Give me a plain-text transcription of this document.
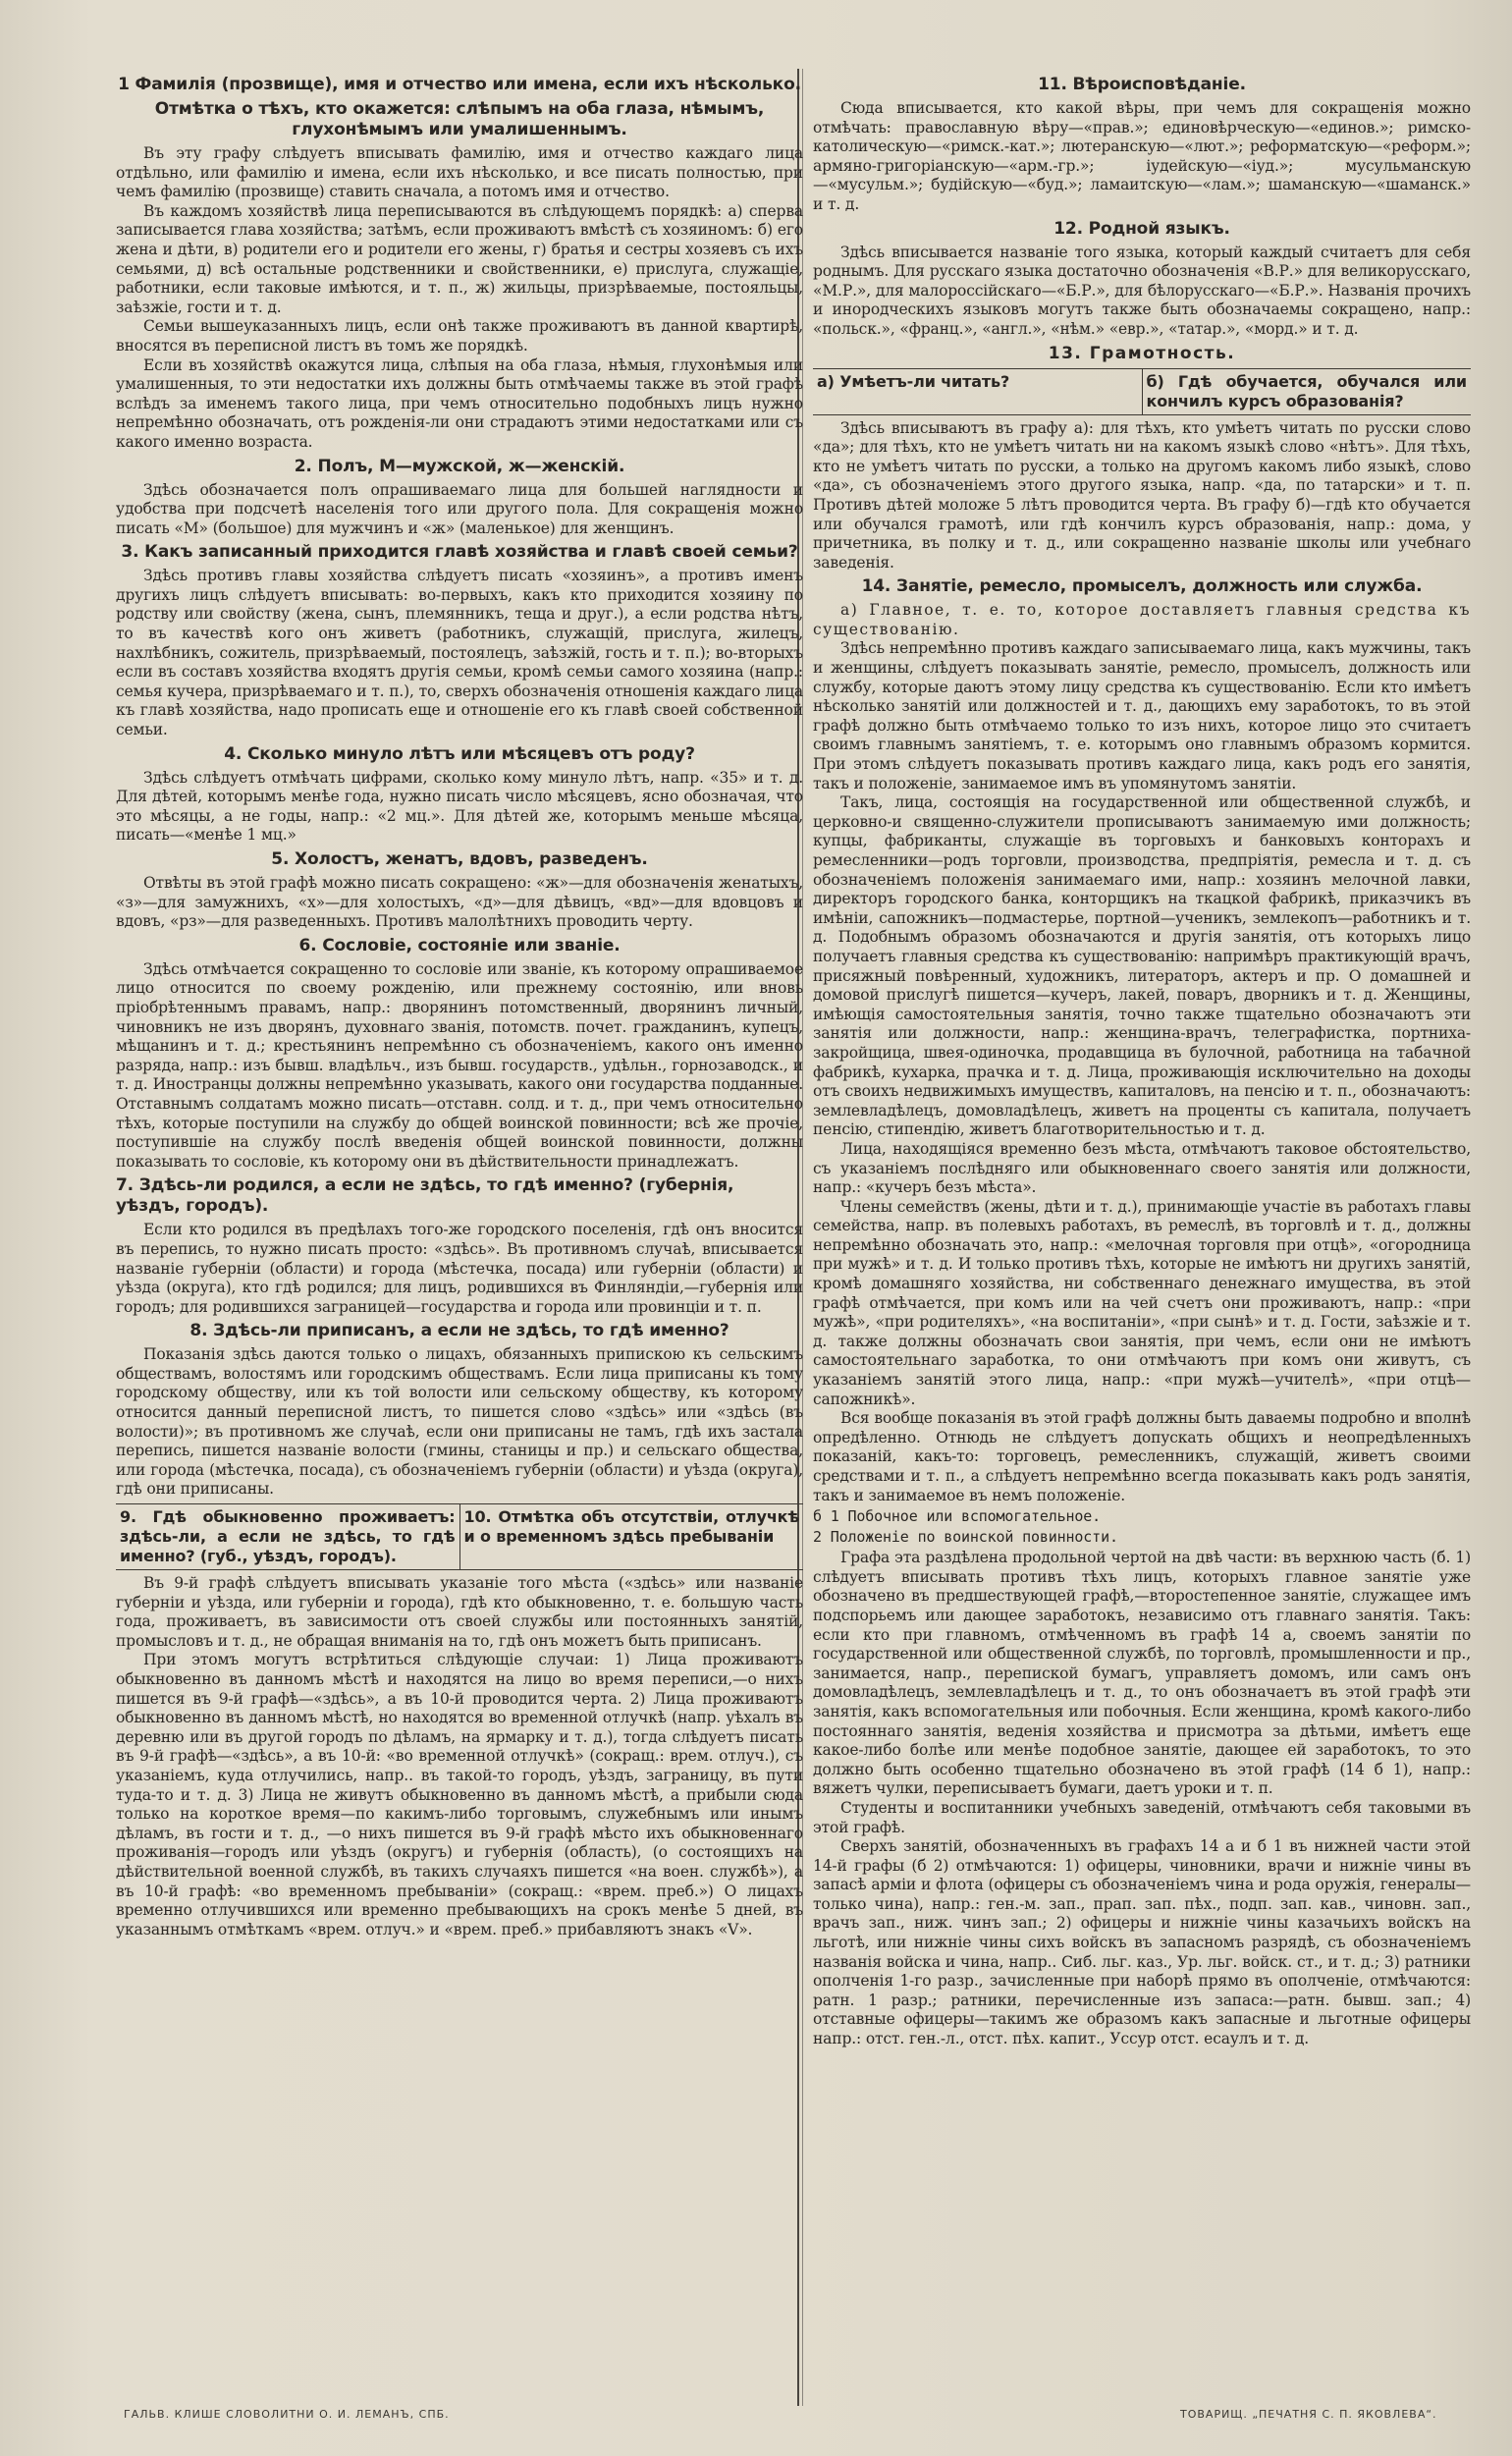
1 Фамилія (прозвище), имя и отчество или имена, если ихъ нѣсколько.
Отмѣтка о тѣхъ, кто окажется: слѣпымъ на оба глаза, нѣмымъ, глухонѣмымъ или умалишеннымъ.

Въ эту графу слѣдуетъ вписывать фамилію, имя и отчество каждаго лица отдѣльно, или фамилію и имена, если ихъ нѣсколько, и все писать полностью, при чемъ фамилію (прозвище) ставить сначала, а потомъ имя и отчество.

Въ каждомъ хозяйствѣ лица переписываются въ слѣдующемъ порядкѣ: а) сперва записывается глава хозяйства; затѣмъ, если проживаютъ вмѣстѣ съ хозяиномъ: б) его жена и дѣти, в) родители его и родители его жены, г) братья и сестры хозяевъ съ ихъ семьями, д) всѣ остальные родственники и свойственники, е) прислуга, служащіе, работники, если таковые имѣются, и т. п., ж) жильцы, призрѣваемые, постояльцы, заѣзжіе, гости и т. д.

Семьи вышеуказанныхъ лицъ, если онѣ также проживаютъ въ данной квартирѣ, вносятся въ переписной листъ въ томъ же порядкѣ.

Если въ хозяйствѣ окажутся лица, слѣпыя на оба глаза, нѣмыя, глухонѣмыя или умалишенныя, то эти недостатки ихъ должны быть отмѣчаемы также въ этой графѣ вслѣдъ за именемъ такого лица, при чемъ относительно подобныхъ лицъ нужно непремѣнно обозначать, отъ рожденія-ли они страдаютъ этими недостатками или съ какого именно возраста.

2. Полъ, М—мужской, ж—женскій.

Здѣсь обозначается полъ опрашиваемаго лица для большей наглядности и удобства при подсчетѣ населенія того или другого пола. Для сокращенія можно писать «М» (большое) для мужчинъ и «ж» (маленькое) для женщинъ.

3. Какъ записанный приходится главѣ хозяйства и главѣ своей семьи?

Здѣсь противъ главы хозяйства слѣдуетъ писать «хозяинъ», а противъ именъ другихъ лицъ слѣдуетъ вписывать: во-первыхъ, какъ кто приходится хозяину по родству или свойству (жена, сынъ, племянникъ, теща и друг.), а если родства нѣтъ, то въ качествѣ кого онъ живетъ (работникъ, служащій, прислуга, жилецъ, нахлѣбникъ, сожитель, призрѣваемый, постоялецъ, заѣзжій, гость и т. п.); во-вторыхъ если въ составъ хозяйства входятъ другія семьи, кромѣ семьи самого хозяина (напр.: семья кучера, призрѣваемаго и т. п.), то, сверхъ обозначенія отношенія каждаго лица къ главѣ хозяйства, надо прописать еще и отношеніе его къ главѣ своей собственной семьи.

4. Сколько минуло лѣтъ или мѣсяцевъ отъ роду?

Здѣсь слѣдуетъ отмѣчать цифрами, сколько кому минуло лѣтъ, напр. «35» и т. д. Для дѣтей, которымъ менѣе года, нужно писать число мѣсяцевъ, ясно обозначая, что это мѣсяцы, а не годы, напр.: «2 мц.». Для дѣтей же, которымъ меньше мѣсяца, писать—«менѣе 1 мц.»

5. Холостъ, женатъ, вдовъ, разведенъ.

Отвѣты въ этой графѣ можно писать сокращено: «ж»—для обозначенія женатыхъ, «з»—для замужнихъ, «х»—для холостыхъ, «д»—для дѣвицъ, «вд»—для вдовцовъ и вдовъ, «рз»—для разведенныхъ. Противъ малолѣтнихъ проводить черту.

6. Сословіе, состояніе или званіе.

Здѣсь отмѣчается сокращенно то сословіе или званіе, къ которому опрашиваемое лицо относится по своему рожденію, или прежнему состоянію, или вновь пріобрѣтеннымъ правамъ, напр.: дворянинъ потомственный, дворянинъ личный, чиновникъ не изъ дворянъ, духовнаго званія, потомств. почет. гражданинъ, купецъ, мѣщанинъ и т. д.; крестьянинъ непремѣнно съ обозначеніемъ, какого онъ именно разряда, напр.: изъ бывш. владѣльч., изъ бывш. государств., удѣльн., горнозаводск., и т. д. Иностранцы должны непремѣнно указывать, какого они государства подданные. Отставнымъ солдатамъ можно писать—отставн. солд. и т. д., при чемъ относительно тѣхъ, которые поступили на службу до общей воинской повинности; всѣ же прочіе, поступившіе на службу послѣ введенія общей воинской повинности, должны показывать то сословіе, къ которому они въ дѣйствительности принадлежатъ.

7. Здѣсь-ли родился, а если не здѣсь, то гдѣ именно? (губернія, уѣздъ, городъ).

Если кто родился въ предѣлахъ того-же городского поселенія, гдѣ онъ вносится въ перепись, то нужно писать просто: «здѣсь». Въ противномъ случаѣ, вписывается названіе губерніи (области) и города (мѣстечка, посада) или губерніи (области) и уѣзда (округа), кто гдѣ родился; для лицъ, родившихся въ Финляндіи,—губернія или городъ; для родившихся заграницей—государства и города или провинціи и т. п.

8. Здѣсь-ли приписанъ, а если не здѣсь, то гдѣ именно?

Показанія здѣсь даются только о лицахъ, обязанныхъ припискою къ сельскимъ обществамъ, волостямъ или городскимъ обществамъ. Если лица приписаны къ тому городскому обществу, или къ той волости или сельскому обществу, къ которому относится данный переписной листъ, то пишется слово «здѣсь» или «здѣсь (въ волости)»; въ противномъ же случаѣ, если они приписаны не тамъ, гдѣ ихъ застала перепись, пишется названіе волости (гмины, станицы и пр.) и сельскаго общества, или города (мѣстечка, посада), съ обозначеніемъ губерніи (области) и уѣзда (округа), гдѣ они приписаны.

9. Гдѣ обыкновенно проживаетъ: здѣсь-ли, а если не здѣсь, то гдѣ именно? (губ., уѣздъ, городъ).
10. Отмѣтка объ отсутствіи, отлучкѣ и о временномъ здѣсь пребываніи

Въ 9-й графѣ слѣдуетъ вписывать указаніе того мѣста («здѣсь» или названіе губерніи и уѣзда, или губерніи и города), гдѣ кто обыкновенно, т. е. большую часть года, проживаетъ, въ зависимости отъ своей службы или постоянныхъ занятій, промысловъ и т. д., не обращая вниманія на то, гдѣ онъ можетъ быть приписанъ.

При этомъ могутъ встрѣтиться слѣдующіе случаи: 1) Лица проживаютъ обыкновенно въ данномъ мѣстѣ и находятся на лицо во время переписи,—о нихъ пишется въ 9-й графѣ—«здѣсь», а въ 10-й проводится черта. 2) Лица проживаютъ обыкновенно въ данномъ мѣстѣ, но находятся во временной отлучкѣ (напр. уѣхалъ въ деревню или въ другой городъ по дѣламъ, на ярмарку и т. д.), тогда слѣдуетъ писать въ 9-й графѣ—«здѣсь», а въ 10-й: «во временной отлучкѣ» (сокращ.: врем. отлуч.), съ указаніемъ, куда отлучились, напр.. въ такой-то городъ, уѣздъ, заграницу, въ пути туда-то и т. д. 3) Лица не живутъ обыкновенно въ данномъ мѣстѣ, а прибыли сюда только на короткое время—по какимъ-либо торговымъ, служебнымъ или инымъ дѣламъ, въ гости и т. д., —о нихъ пишется въ 9-й графѣ мѣсто ихъ обыкновеннаго проживанія—городъ или уѣздъ (округъ) и губернія (область), (о состоящихъ на дѣйствительной военной службѣ, въ такихъ случаяхъ пишется «на воен. службѣ»), а въ 10-й графѣ: «во временномъ пребываніи» (сокращ.: «врем. преб.») О лицахъ временно отлучившихся или временно пребывающихъ на срокъ менѣе 5 дней, въ указаннымъ отмѣткамъ «врем. отлуч.» и «врем. преб.» прибавляютъ знакъ «V».

11. Вѣроисповѣданіе.

Сюда вписывается, кто какой вѣры, при чемъ для сокращенія можно отмѣчать: православную вѣру—«прав.»; единовѣрческую—«единов.»; римско-католическую—«римск.-кат.»; лютеранскую—«лют.»; реформатскую—«реформ.»; армяно-григоріанскую—«арм.-гр.»; іудейскую—«іуд.»; мусульманскую—«мусульм.»; будійскую—«буд.»; ламаитскую—«лам.»; шаманскую—«шаманск.» и т. д.

12. Родной языкъ.

Здѣсь вписывается названіе того языка, который каждый считаетъ для себя роднымъ. Для русскаго языка достаточно обозначенія «В.Р.» для великорусскаго, «М.Р.», для малороссійскаго—«Б.Р.», для бѣлорусскаго—«Б.Р.». Названія прочихъ и инородческихъ языковъ могутъ также быть обозначаемы сокращено, напр.: «польск.», «франц.», «англ.», «нѣм.» «евр.», «татар.», «морд.» и т. д.

13. Грамотность.
а) Умѣетъ-ли читать?	б) Гдѣ обучается, обучался или кончилъ курсъ образованія?

Здѣсь вписываютъ въ графу а): для тѣхъ, кто умѣетъ читать по русски слово «да»; для тѣхъ, кто не умѣетъ читать ни на какомъ языкѣ слово «нѣтъ». Для тѣхъ, кто не умѣетъ читать по русски, а только на другомъ какомъ либо языкѣ, слово «да», съ обозначеніемъ этого другого языка, напр. «да, по татарски» и т. п. Противъ дѣтей моложе 5 лѣтъ проводится черта. Въ графу б)—гдѣ кто обучается или обучался грамотѣ, или гдѣ кончилъ курсъ образованія, напр.: дома, у причетника, въ полку и т. д., или сокращенно названіе школы или учебнаго заведенія.

14. Занятіе, ремесло, промыселъ, должность или служба.

а) Главное, т. е. то, которое доставляетъ главныя средства къ существованію.

Здѣсь непремѣнно противъ каждаго записываемаго лица, какъ мужчины, такъ и женщины, слѣдуетъ показывать занятіе, ремесло, промыселъ, должность или службу, которые даютъ этому лицу средства къ существованію. Если кто имѣетъ нѣсколько занятій или должностей и т. д., дающихъ ему заработокъ, то въ этой графѣ должно быть отмѣчаемо только то изъ нихъ, которое лицо это считаетъ своимъ главнымъ занятіемъ, т. е. которымъ оно главнымъ образомъ кормится. При этомъ слѣдуетъ показывать противъ каждаго лица, какъ родъ его занятія, такъ и положеніе, занимаемое имъ въ упомянутомъ занятіи.

Такъ, лица, состоящія на государственной или общественной службѣ, и церковно-и священно-служители прописываютъ занимаемую ими должность; купцы, фабриканты, служащіе въ торговыхъ и банковыхъ конторахъ и ремесленники—родъ торговли, производства, предпріятія, ремесла и т. д. съ обозначеніемъ положенія занимаемаго ими, напр.: хозяинъ мелочной лавки, директоръ городского банка, конторщикъ на ткацкой фабрикѣ, приказчикъ въ имѣніи, сапожникъ—подмастерье, портной—ученикъ, землекопъ—работникъ и т. д. Подобнымъ образомъ обозначаются и другія занятія, отъ которыхъ лицо получаетъ главныя средства къ существованію: напримѣръ практикующій врачъ, присяжный повѣренный, художникъ, литераторъ, актеръ и пр. О домашней и домовой прислугѣ пишется—кучеръ, лакей, поваръ, дворникъ и т. д. Женщины, имѣющія самостоятельныя занятія, точно также тщательно обозначаютъ эти занятія или должности, напр.: женщина-врачъ, телеграфистка, портниха-закройщица, швея-одиночка, продавщица въ булочной, работница на табачной фабрикѣ, кухарка, прачка и т. д. Лица, проживающія исключительно на доходы отъ своихъ недвижимыхъ имуществъ, капиталовъ, на пенсію и т. п., обозначаютъ: землевладѣлецъ, домовладѣлецъ, живетъ на проценты съ капитала, получаетъ пенсію, стипендію, живетъ благотворительностью и т. д.

Лица, находящіяся временно безъ мѣста, отмѣчаютъ таковое обстоятельство, съ указаніемъ послѣдняго или обыкновеннаго своего занятія или должности, напр.: «кучеръ безъ мѣста».

Члены семействъ (жены, дѣти и т. д.), принимающіе участіе въ работахъ главы семейства, напр. въ полевыхъ работахъ, въ ремеслѣ, въ торговлѣ и т. д., должны непремѣнно обозначать это, напр.: «мелочная торговля при отцѣ», «огородница при мужѣ» и т. д. И только противъ тѣхъ, которые не имѣютъ ни другихъ занятій, кромѣ домашняго хозяйства, ни собственнаго денежнаго имущества, въ этой графѣ отмѣчается, при комъ или на чей счетъ они проживаютъ, напр.: «при мужѣ», «при родителяхъ», «на воспитаніи», «при сынѣ» и т. д. Гости, заѣзжіе и т. д. также должны обозначать свои занятія, при чемъ, если они не имѣютъ самостоятельнаго заработка, то они отмѣчаютъ при комъ они живутъ, съ указаніемъ занятій этого лица, напр.: «при мужѣ—учителѣ», «при отцѣ—сапожникѣ».

Вся вообще показанія въ этой графѣ должны быть даваемы подробно и вполнѣ опредѣленно. Отнюдь не слѣдуетъ допускать общихъ и неопредѣленныхъ показаній, какъ-то: торговецъ, ремесленникъ, служащій, живетъ своими средствами и т. п., а слѣдуетъ непремѣнно всегда показывать какъ родъ занятія, такъ и занимаемое въ немъ положеніе.

б 1 Побочное или вспомогательное.
2 Положеніе по воинской повинности.

Графа эта раздѣлена продольной чертой на двѣ части: въ верхнюю часть (б. 1) слѣдуетъ вписывать противъ тѣхъ лицъ, которыхъ главное занятіе уже обозначено въ предшествующей графѣ,—второстепенное занятіе, служащее имъ подспорьемъ или дающее заработокъ, независимо отъ главнаго занятія. Такъ: если кто при главномъ, отмѣченномъ въ графѣ 14 а, своемъ занятіи по государственной или общественной службѣ, по торговлѣ, промышленности и пр., занимается, напр., перепиской бумагъ, управляетъ домомъ, или самъ онъ домовладѣлецъ, землевладѣлецъ и т. д., то онъ обозначаетъ въ этой графѣ эти занятія, какъ вспомогательныя или побочныя. Если женщина, кромѣ какого-либо постояннаго занятія, веденія хозяйства и присмотра за дѣтьми, имѣетъ еще какое-либо болѣе или менѣе подобное занятіе, дающее ей заработокъ, то это должно быть особенно тщательно обозначено въ этой графѣ (14 б 1), напр.: вяжетъ чулки, переписываетъ бумаги, даетъ уроки и т. п.

Студенты и воспитанники учебныхъ заведеній, отмѣчаютъ себя таковыми въ этой графѣ.

Сверхъ занятій, обозначенныхъ въ графахъ 14 а и б 1 въ нижней части этой 14-й графы (б 2) отмѣчаются: 1) офицеры, чиновники, врачи и нижніе чины въ запасѣ арміи и флота (офицеры съ обозначеніемъ чина и рода оружія, генералы—только чина), напр.: ген.-м. зап., прап. зап. пѣх., подп. зап. кав., чиновн. зап., врачъ зап., ниж. чинъ зап.; 2) офицеры и нижніе чины казачьихъ войскъ на льготѣ, или нижніе чины сихъ войскъ въ запасномъ разрядѣ, съ обозначеніемъ названія войска и чина, напр.. Сиб. льг. каз., Ур. льг. войск. ст., и т. д.; 3) ратники ополченія 1-го разр., зачисленные при наборѣ прямо въ ополченіе, отмѣчаются: ратн. 1 разр.; ратники, перечисленные изъ запаса:—ратн. бывш. зап.; 4) отставные офицеры—такимъ же образомъ какъ запасные и льготные офицеры напр.: отст. ген.-л., отст. пѣх. капит., Уссур отст. есаулъ и т. д.

ГАЛЬВ. КЛИШЕ СЛОВОЛИТНИ О. И. ЛЕМАНЪ, СПБ.	ТОВАРИЩ. „ПЕЧАТНЯ С. П. ЯКОВЛЕВА“.
